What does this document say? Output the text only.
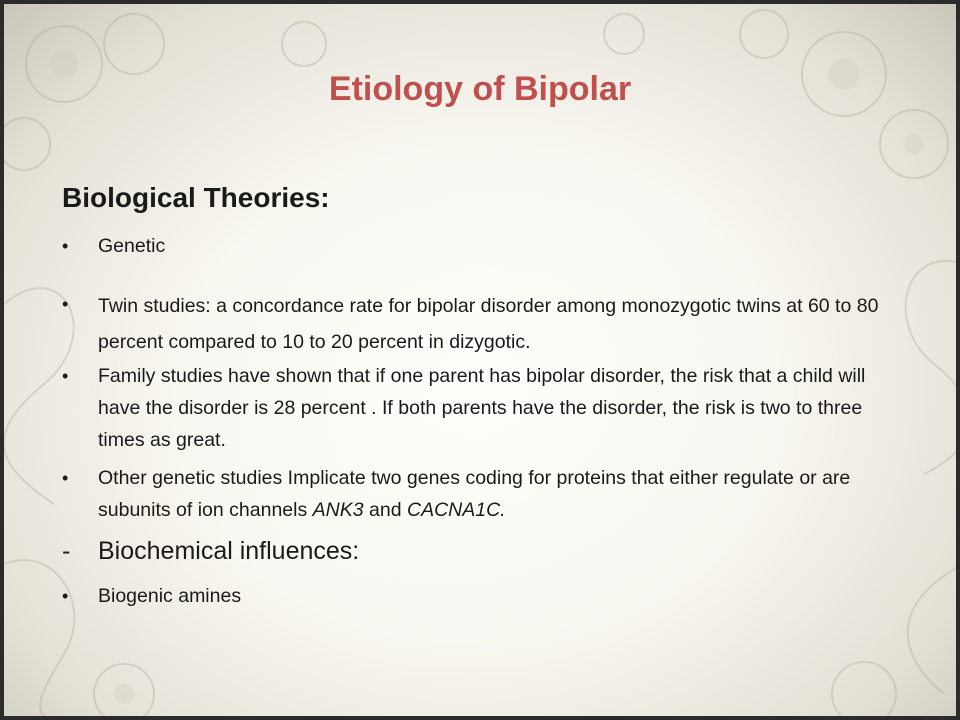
Etiology of Bipolar
Biological Theories:
•	Genetic
•	Twin studies: a concordance rate for bipolar disorder among monozygotic twins at 60 to 80 percent compared to 10 to 20 percent in dizygotic.
•	Family studies have shown that if one parent has bipolar disorder, the risk that a child will have the disorder is 28 percent . If both parents have the disorder, the risk is two to three times as great.
•	Other genetic studies Implicate two genes coding for proteins that either regulate or are subunits of ion channels ANK3 and CACNA1C.
- Biochemical influences:
•	Biogenic amines
